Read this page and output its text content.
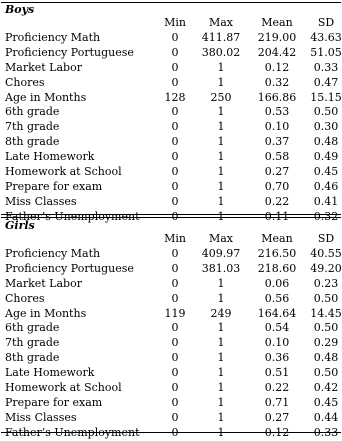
Boys
	Min	Max	Mean	SD
Proficiency Math	0	411.87	219.00	43.63
Proficiency Portuguese	0	380.02	204.42	51.05
Market Labor	0	1	0.12	0.33
Chores	0	1	0.32	0.47
Age in Months	128	250	166.86	15.15
6th grade	0	1	0.53	0.50
7th grade	0	1	0.10	0.30
8th grade	0	1	0.37	0.48
Late Homework	0	1	0.58	0.49
Homework at School	0	1	0.27	0.45
Prepare for exam	0	1	0.70	0.46
Miss Classes	0	1	0.22	0.41
Father’s Unemployment	0	1	0.11	0.32
Girls
	Min	Max	Mean	SD
Proficiency Math	0	409.97	216.50	40.55
Proficiency Portuguese	0	381.03	218.60	49.20
Market Labor	0	1	0.06	0.23
Chores	0	1	0.56	0.50
Age in Months	119	249	164.64	14.45
6th grade	0	1	0.54	0.50
7th grade	0	1	0.10	0.29
8th grade	0	1	0.36	0.48
Late Homework	0	1	0.51	0.50
Homework at School	0	1	0.22	0.42
Prepare for exam	0	1	0.71	0.45
Miss Classes	0	1	0.27	0.44
Father’s Unemployment	0	1	0.12	0.33
